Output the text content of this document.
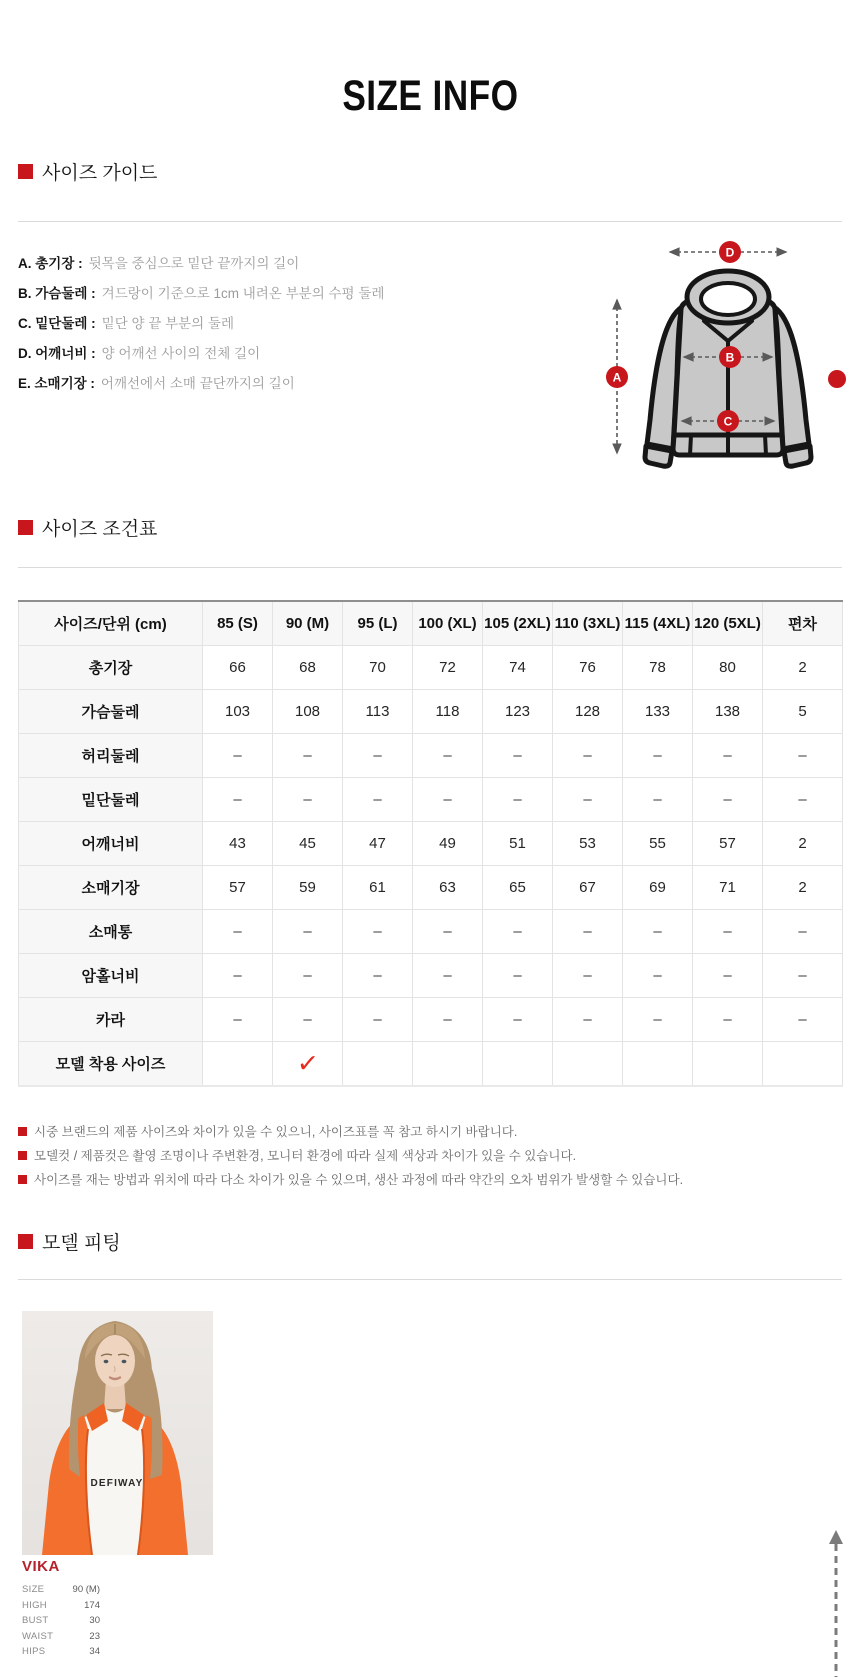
SIZE INFO
사이즈 가이드
A. 총기장 : 뒷목을 중심으로 밑단 끝까지의 길이
B. 가슴둘레 : 겨드랑이 기준으로 1cm 내려온 부분의 수평 둘레
C. 밑단둘레 : 밑단 양 끝 부분의 둘레
D. 어깨너비 : 양 어깨선 사이의 전체 길이
E. 소매기장 : 어깨선에서 소매 끝단까지의 길이	A
B
C
D
사이즈 조건표
사이즈/단위 (cm)	85 (S)	90 (M)	95 (L)	100 (XL)	105 (2XL)	110 (3XL)	115 (4XL)	120 (5XL)	편차
총기장	66	68	70	72	74	76	78	80	2
가슴둘레	103	108	113	118	123	128	133	138	5
허리둘레	–	–	–	–	–	–	–	–	–
밑단둘레	–	–	–	–	–	–	–	–	–
어깨너비	43	45	47	49	51	53	55	57	2
소매기장	57	59	61	63	65	67	69	71	2
소매통	–	–	–	–	–	–	–	–	–
암홀너비	–	–	–	–	–	–	–	–	–
카라	–	–	–	–	–	–	–	–	–
모델 착용 사이즈		✓							
시중 브랜드의 제품 사이즈와 차이가 있을 수 있으니, 사이즈표를 꼭 참고 하시기 바랍니다.
모델컷 / 제품컷은 촬영 조명이나 주변환경, 모니터 환경에 따라 실제 색상과 차이가 있을 수 있습니다.
사이즈를 재는 방법과 위치에 따라 다소 차이가 있을 수 있으며, 생산 과정에 따라 약간의 오차 범위가 발생할 수 있습니다.
모델 피팅
DEFIWAY
VIKA
SIZE	90 (M)
HIGH	174
BUST	30
WAIST	23
HIPS	34
